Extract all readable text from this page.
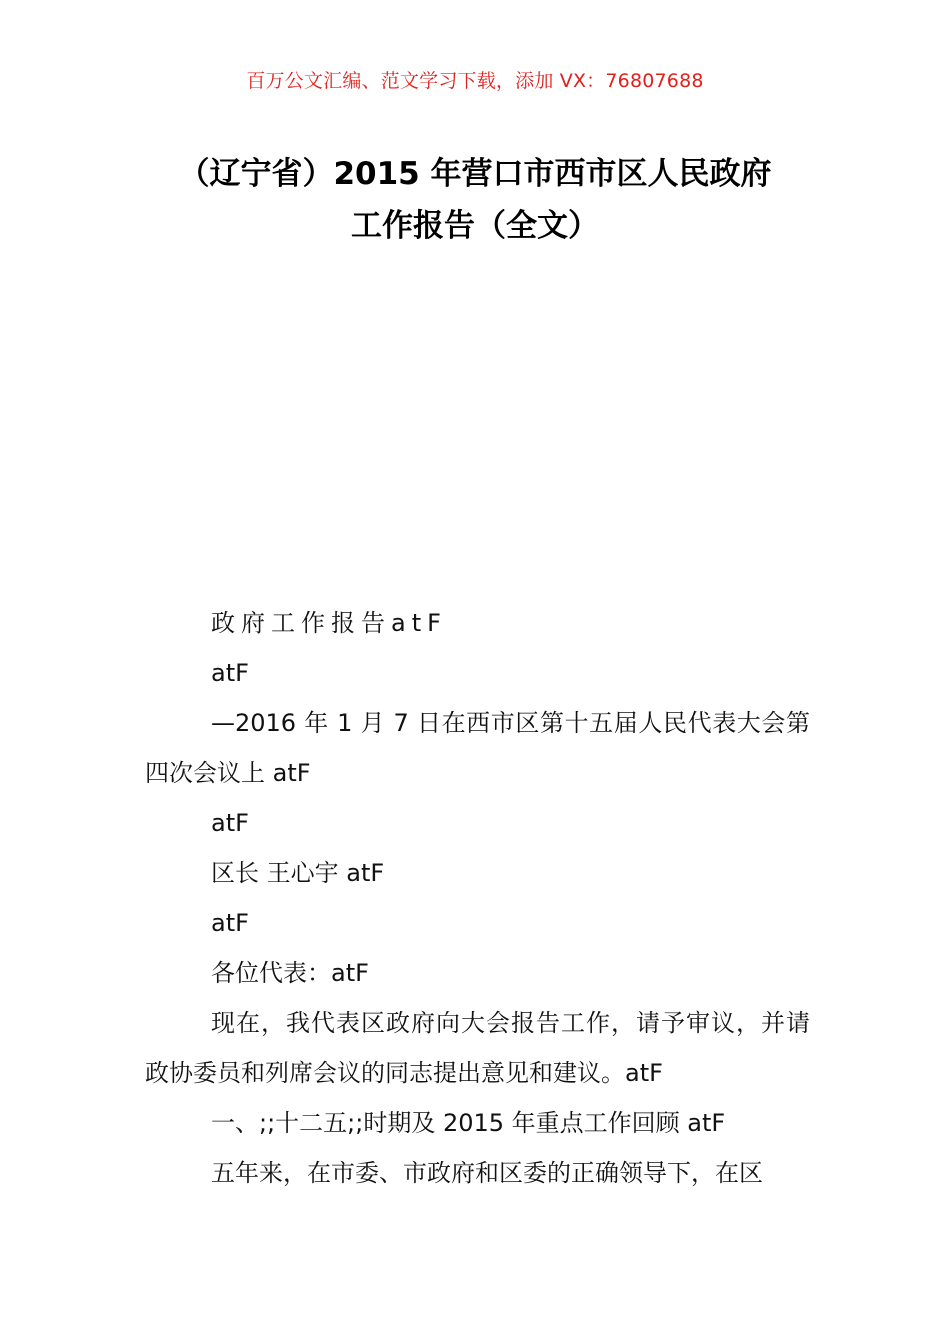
百万公文汇编、范文学习下载，添加 VX：76807688
（辽宁省）2015 年营口市西市区人民政府
工作报告（全文）

政府工作报告atF

atF

—2016 年 1 月 7 日在西市区第十五届人民代表大会第四次会议上 atF

atF

区长 王心宇 atF

atF

各位代表：atF

现在，我代表区政府向大会报告工作，请予审议，并请政协委员和列席会议的同志提出意见和建议。atF

一、;;十二五;;时期及 2015 年重点工作回顾 atF

五年来，在市委、市政府和区委的正确领导下，在区
